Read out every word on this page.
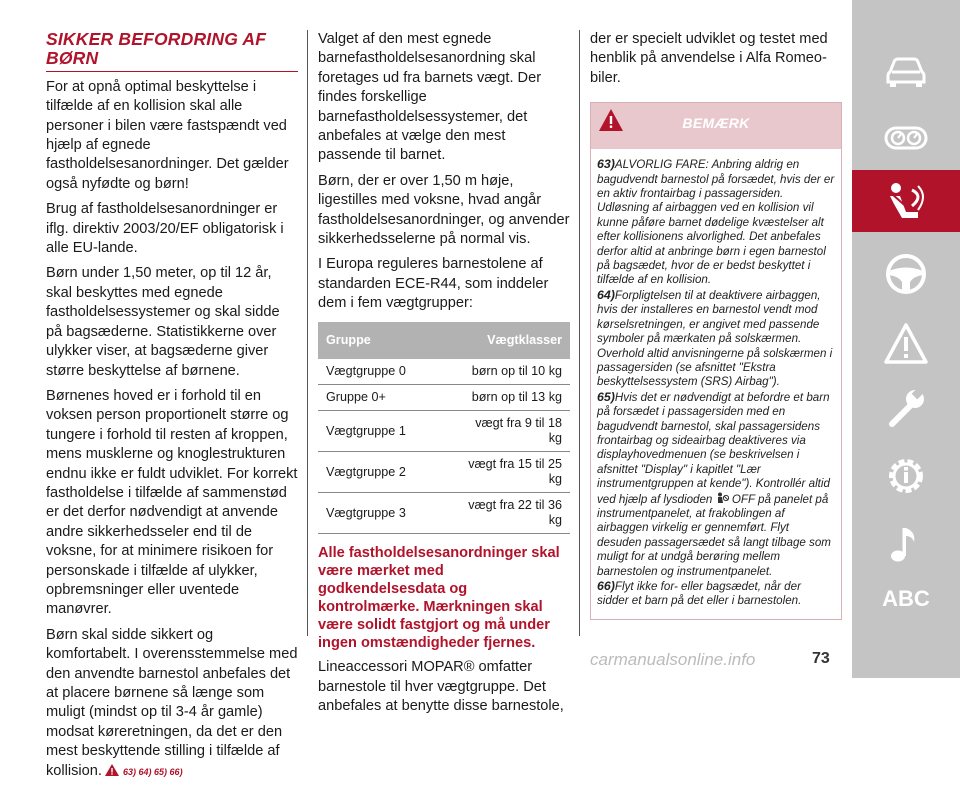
SIKKER BEFORDRING AF BØRN

For at opnå optimal beskyttelse i tilfælde af en kollision skal alle personer i bilen være fastspændt ved hjælp af egnede fastholdelsesanordninger. Det gælder også nyfødte og børn!

Brug af fastholdelsesanordninger er iflg. direktiv 2003/20/EF obligatorisk i alle EU-lande.

Børn under 1,50 meter, op til 12 år, skal beskyttes med egnede fastholdelsessystemer og skal sidde på bagsæderne. Statistikkerne over ulykker viser, at bagsæderne giver større beskyttelse af børnene.

Børnenes hoved er i forhold til en voksen person proportionelt større og tungere i forhold til resten af kroppen, mens musklerne og knoglestrukturen endnu ikke er fuldt udviklet. For korrekt fastholdelse i tilfælde af sammenstød er det derfor nødvendigt at anvende andre sikkerhedsseler end til de voksne, for at minimere risikoen for personskade i tilfælde af ulykker, opbremsninger eller uventede manøvrer.

Børn skal sidde sikkert og komfortabelt. I overensstemmelse med den anvendte barnestol anbefales det at placere børnene så længe som muligt (mindst op til 3-4 år gamle) modsat køreretningen, da det er den mest beskyttende stilling i tilfælde af kollision. 63) 64) 65) 66)

Valget af den mest egnede barnefastholdelsesanordning skal foretages ud fra barnets vægt. Der findes forskellige barnefastholdelsessystemer, det anbefales at vælge den mest passende til barnet.

Børn, der er over 1,50 m høje, ligestilles med voksne, hvad angår fastholdelsesanordninger, og anvender sikkerhedsselerne på normal vis.

I Europa reguleres barnestolene af standarden ECE-R44, som inddeler dem i fem vægtgrupper:

Gruppe	Vægtklasser
Vægtgruppe 0	børn op til 10 kg
Gruppe 0+	børn op til 13 kg
Vægtgruppe 1	vægt fra 9 til 18 kg
Vægtgruppe 2	vægt fra 15 til 25 kg
Vægtgruppe 3	vægt fra 22 til 36 kg

Alle fastholdelsesanordninger skal være mærket med godkendelsesdata og kontrolmærke. Mærkningen skal være solidt fastgjort og må under ingen omstændigheder fjernes.

Lineaccessori MOPAR® omfatter barnestole til hver vægtgruppe. Det anbefales at benytte disse barnestole,

der er specielt udviklet og testet med henblik på anvendelse i Alfa Romeo-biler.

BEMÆRK

63)ALVORLIG FARE: Anbring aldrig en bagudvendt barnestol på forsædet, hvis der er en aktiv frontairbag i passagersiden. Udløsning af airbaggen ved en kollision vil kunne påføre barnet dødelige kvæstelser alt efter kollisionens alvorlighed. Det anbefales derfor altid at anbringe børn i egen barnestol på bagsædet, hvor de er bedst beskyttet i tilfælde af en kollision.

64)Forpligtelsen til at deaktivere airbaggen, hvis der installeres en barnestol vendt mod kørselsretningen, er angivet med passende symboler på mærkaten på solskærmen. Overhold altid anvisningerne på solskærmen i passagersiden (se afsnittet "Ekstra beskyttelsessystem (SRS) Airbag").

65)Hvis det er nødvendigt at befordre et barn på forsædet i passagersiden med en bagudvendt barnestol, skal passagersidens frontairbag og sideairbag deaktiveres via displayhovedmenuen (se beskrivelsen i afsnittet "Display" i kapitlet "Lær instrumentgruppen at kende"). Kontrollér altid ved hjælp af lysdioden OFF på panelet på instrumentpanelet, at frakoblingen af airbaggen virkelig er gennemført. Flyt desuden passagersædet så langt tilbage som muligt for at undgå berøring mellem barnestolen og instrumentpanelet.

66)Flyt ikke for- eller bagsædet, når der sidder et barn på det eller i barnestolen.	ABC
carmanualsonline.info	73
